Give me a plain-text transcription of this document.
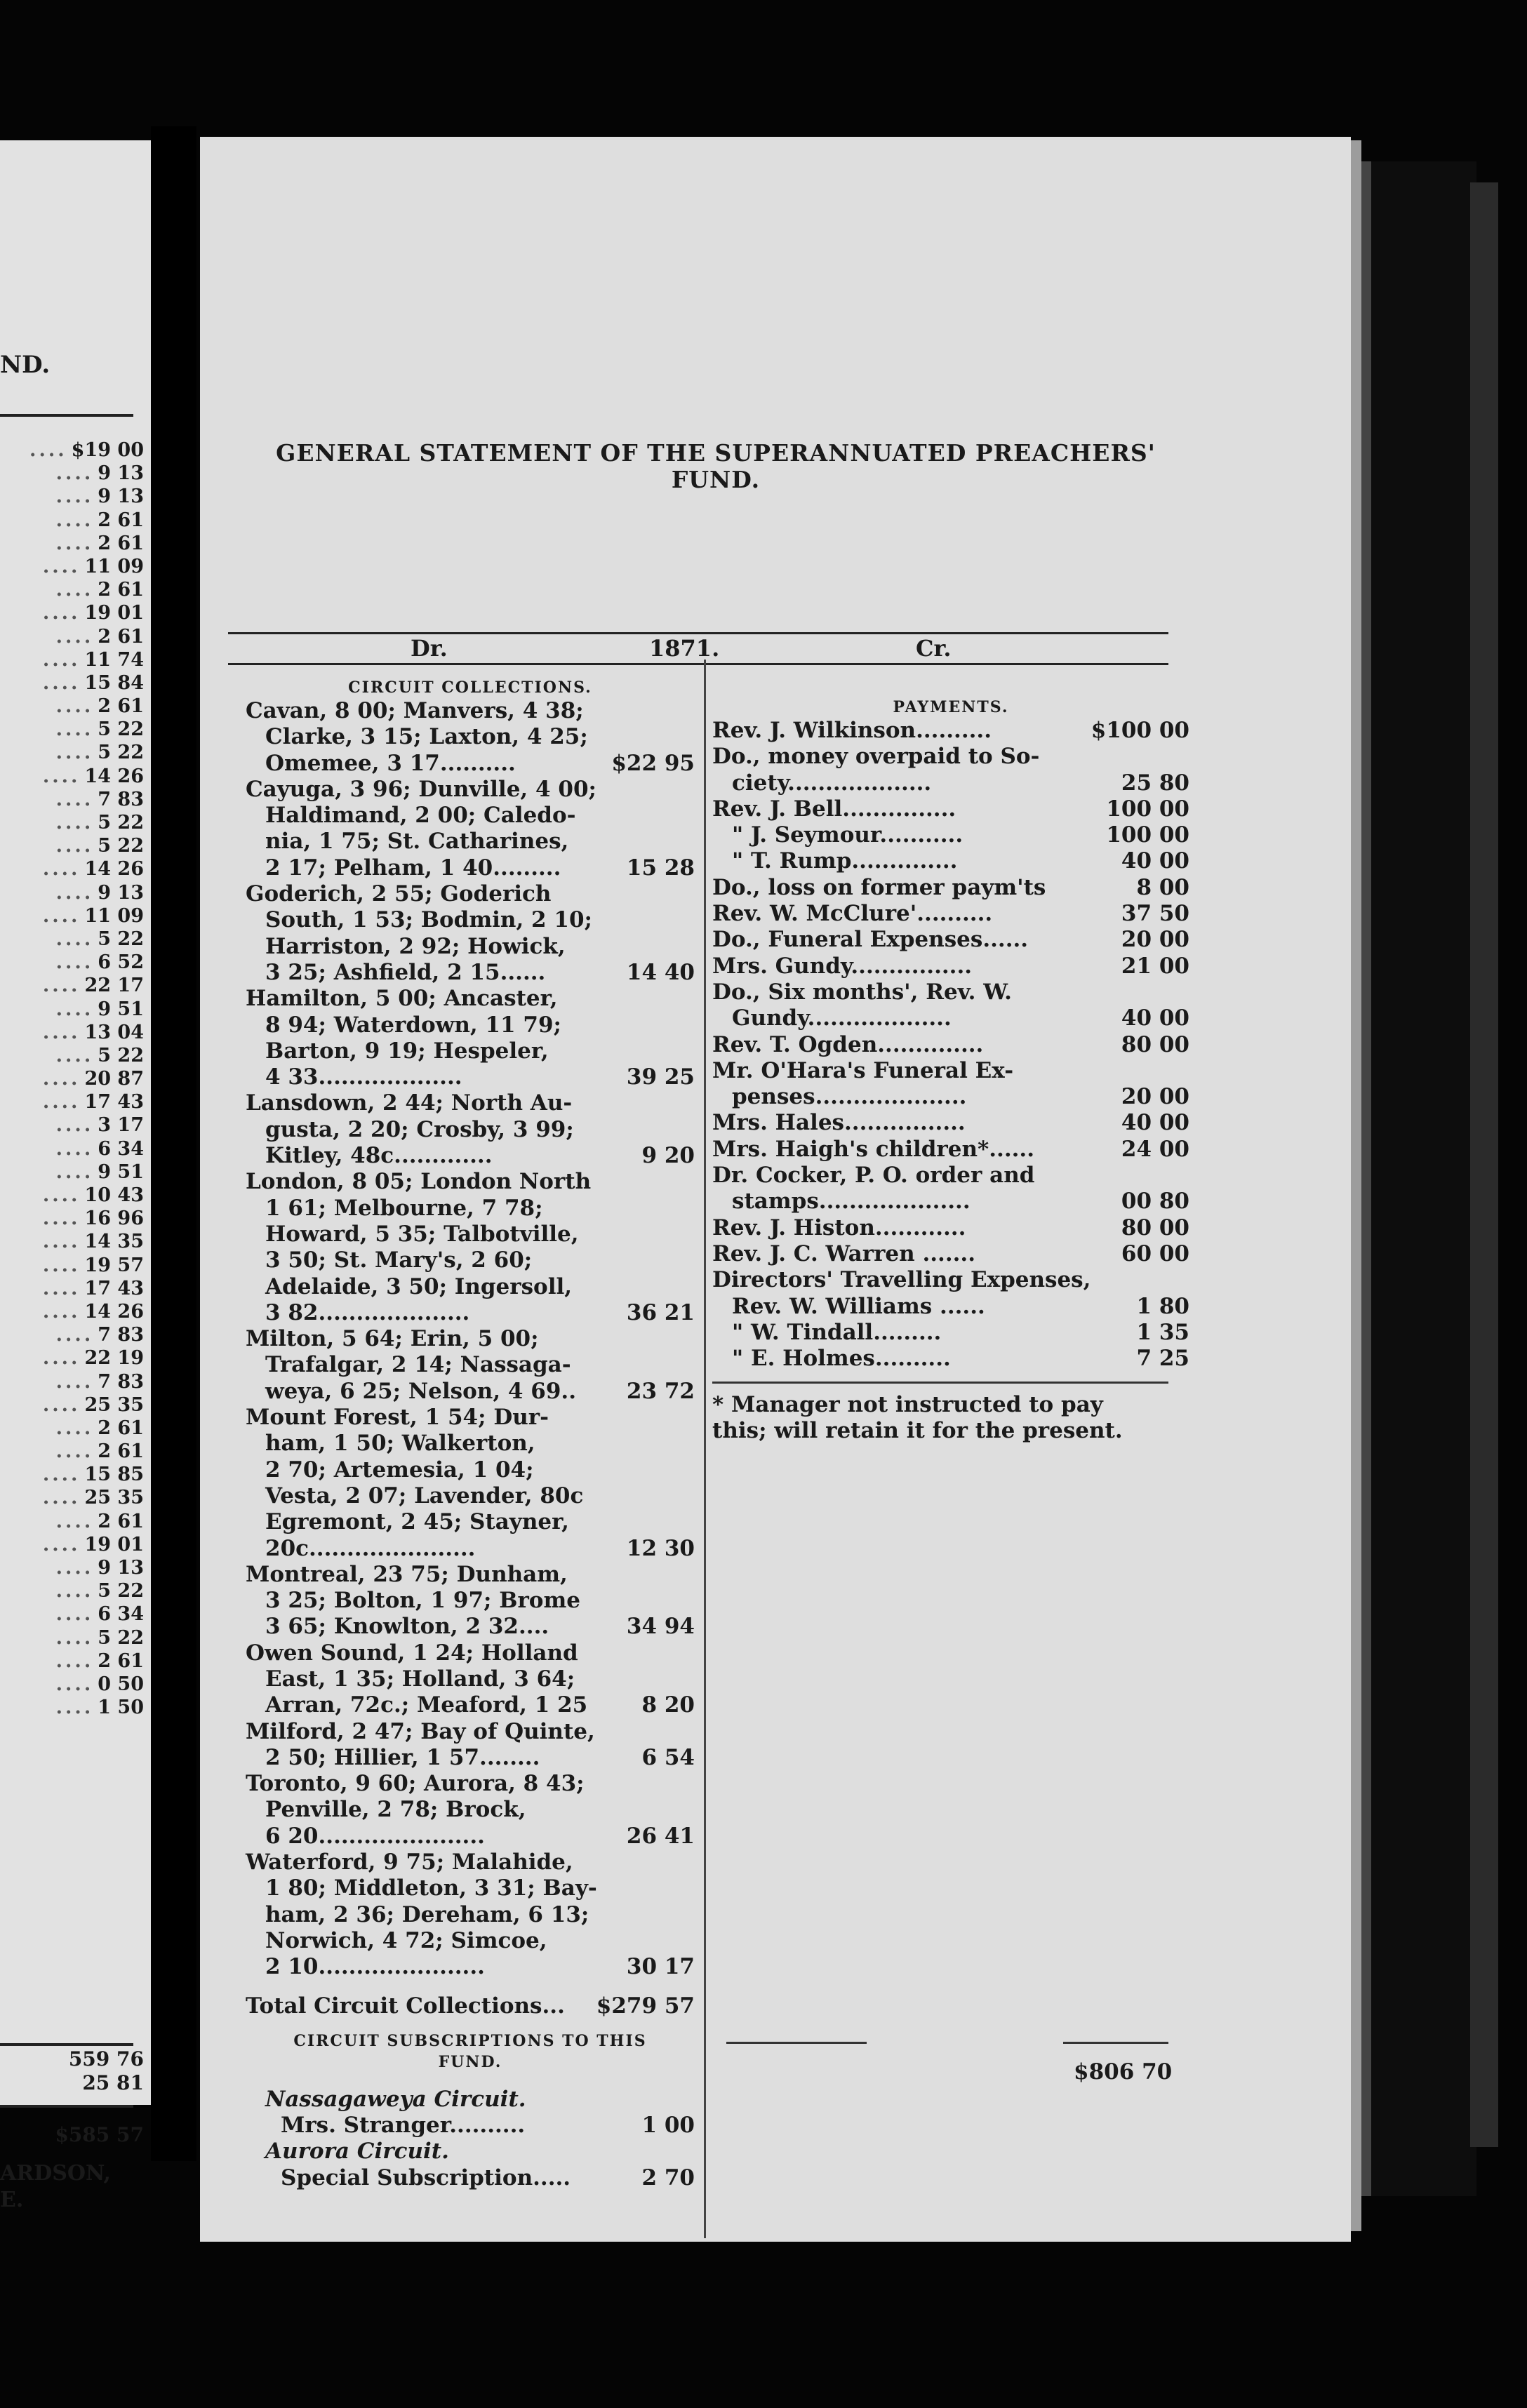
ND.
.... $19 00
.... 9 13
.... 9 13
.... 2 61
.... 2 61
.... 11 09
.... 2 61
.... 19 01
.... 2 61
.... 11 74
.... 15 84
.... 2 61
.... 5 22
.... 5 22
.... 14 26
.... 7 83
.... 5 22
.... 5 22
.... 14 26
.... 9 13
.... 11 09
.... 5 22
.... 6 52
.... 22 17
.... 9 51
.... 13 04
.... 5 22
.... 20 87
.... 17 43
.... 3 17
.... 6 34
.... 9 51
.... 10 43
.... 16 96
.... 14 35
.... 19 57
.... 17 43
.... 14 26
.... 7 83
.... 22 19
.... 7 83
.... 25 35
.... 2 61
.... 2 61
.... 15 85
.... 25 35
.... 2 61
.... 19 01
.... 9 13
.... 5 22
.... 6 34
.... 5 22
.... 2 61
.... 0 50
.... 1 50
559 76
25 81
$585 57
ARDSON,
E.
GENERAL STATEMENT OF THE SUPERANNUATED PREACHERS' FUND.
Dr.	1871.	Cr.
CIRCUIT COLLECTIONS.
Cavan, 8 00; Manvers, 4 38;
Clarke, 3 15; Laxton, 4 25;
Omemee, 3 17..........	$22 95
Cayuga, 3 96; Dunville, 4 00;
Haldimand, 2 00; Caledo-
nia, 1 75; St. Catharines,
2 17; Pelham, 1 40.........	15 28
Goderich, 2 55; Goderich
South, 1 53; Bodmin, 2 10;
Harriston, 2 92; Howick,
3 25; Ashfield, 2 15......	14 40
Hamilton, 5 00; Ancaster,
8 94; Waterdown, 11 79;
Barton, 9 19; Hespeler,
4 33...................	39 25
Lansdown, 2 44; North Au-
gusta, 2 20; Crosby, 3 99;
Kitley, 48c.............	9 20
London, 8 05; London North
1 61; Melbourne, 7 78;
Howard, 5 35; Talbotville,
3 50; St. Mary's, 2 60;
Adelaide, 3 50; Ingersoll,
3 82....................	36 21
Milton, 5 64; Erin, 5 00;
Trafalgar, 2 14; Nassaga-
weya, 6 25; Nelson, 4 69..	23 72
Mount Forest, 1 54; Dur-
ham, 1 50; Walkerton,
2 70; Artemesia, 1 04;
Vesta, 2 07; Lavender, 80c
Egremont, 2 45; Stayner,
20c......................	12 30
Montreal, 23 75; Dunham,
3 25; Bolton, 1 97; Brome
3 65; Knowlton, 2 32....	34 94
Owen Sound, 1 24; Holland
East, 1 35; Holland, 3 64;
Arran, 72c.; Meaford, 1 25	8 20
Milford, 2 47; Bay of Quinte,
2 50; Hillier, 1 57........	6 54
Toronto, 9 60; Aurora, 8 43;
Penville, 2 78; Brock,
6 20......................	26 41
Waterford, 9 75; Malahide,
1 80; Middleton, 3 31; Bay-
ham, 2 36; Dereham, 6 13;
Norwich, 4 72; Simcoe,
2 10......................	30 17
Total Circuit Collections...	$279 57
CIRCUIT SUBSCRIPTIONS TO THIS
FUND.
Nassagaweya Circuit.
Mrs. Stranger..........	1 00
Aurora Circuit.
Special Subscription.....	2 70
PAYMENTS.
Rev. J. Wilkinson..........	$100 00
Do., money overpaid to So-
ciety...................	25 80
Rev. J. Bell...............	100 00
" J. Seymour...........	100 00
" T. Rump..............	40 00
Do., loss on former paym'ts	8 00
Rev. W. McClure'..........	37 50
Do., Funeral Expenses......	20 00
Mrs. Gundy................	21 00
Do., Six months', Rev. W.
Gundy...................	40 00
Rev. T. Ogden..............	80 00
Mr. O'Hara's Funeral Ex-
penses....................	20 00
Mrs. Hales................	40 00
Mrs. Haigh's children*......	24 00
Dr. Cocker, P. O. order and
stamps....................	00 80
Rev. J. Histon............	80 00
Rev. J. C. Warren .......	60 00
Directors' Travelling Expenses,
Rev. W. Williams ......	1 80
" W. Tindall.........	1 35
" E. Holmes..........	7 25
* Manager not instructed to pay
this; will retain it for the present.
$806 70
